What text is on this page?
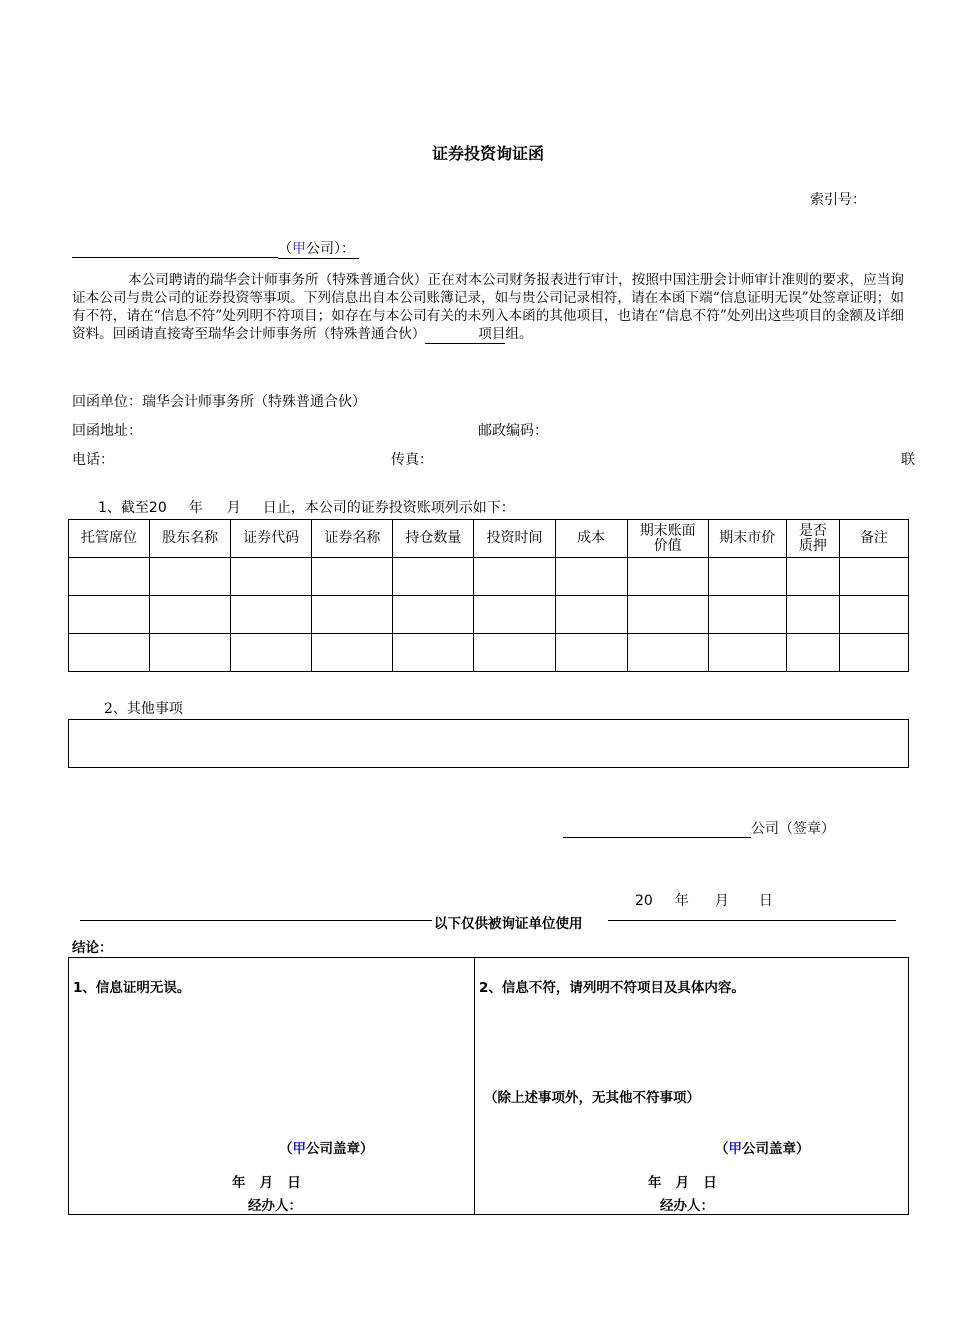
证券投资询证函
索引号：
（甲公司）：
本公司聘请的瑞华会计师事务所（特殊普通合伙）正在对本公司财务报表进行审计，按照中国注册会计师审计准则的要求，应当询证本公司与贵公司的证券投资等事项。下列信息出自本公司账簿记录，如与贵公司记录相符，请在本函下端“信息证明无误”处签章证明；如有不符，请在“信息不符”处列明不符项目；如存在与本公司有关的未列入本函的其他项目，也请在“信息不符”处列出这些项目的金额及详细资料。回函请直接寄至瑞华会计师事务所（特殊普通合伙）	项目组。
回函单位：瑞华会计师事务所（特殊普通合伙）
回函地址：	邮政编码：
电话：	传真：	联
1、截至20 年 月 日止，本公司的证券投资账项列示如下：
托管席位	股东名称	证券代码	证券名称	持仓数量	投资时间	成本	期末账面价值	期末市价	是否质押	备注

2、其他事项
公司（签章）
20 年 月 日
以下仅供被询证单位使用
结论：
1、信息证明无误。
（甲公司盖章）
年   月   日
经办人：
2、信息不符，请列明不符项目及具体内容。
（除上述事项外，无其他不符事项）
（甲公司盖章）
年   月   日
经办人：
